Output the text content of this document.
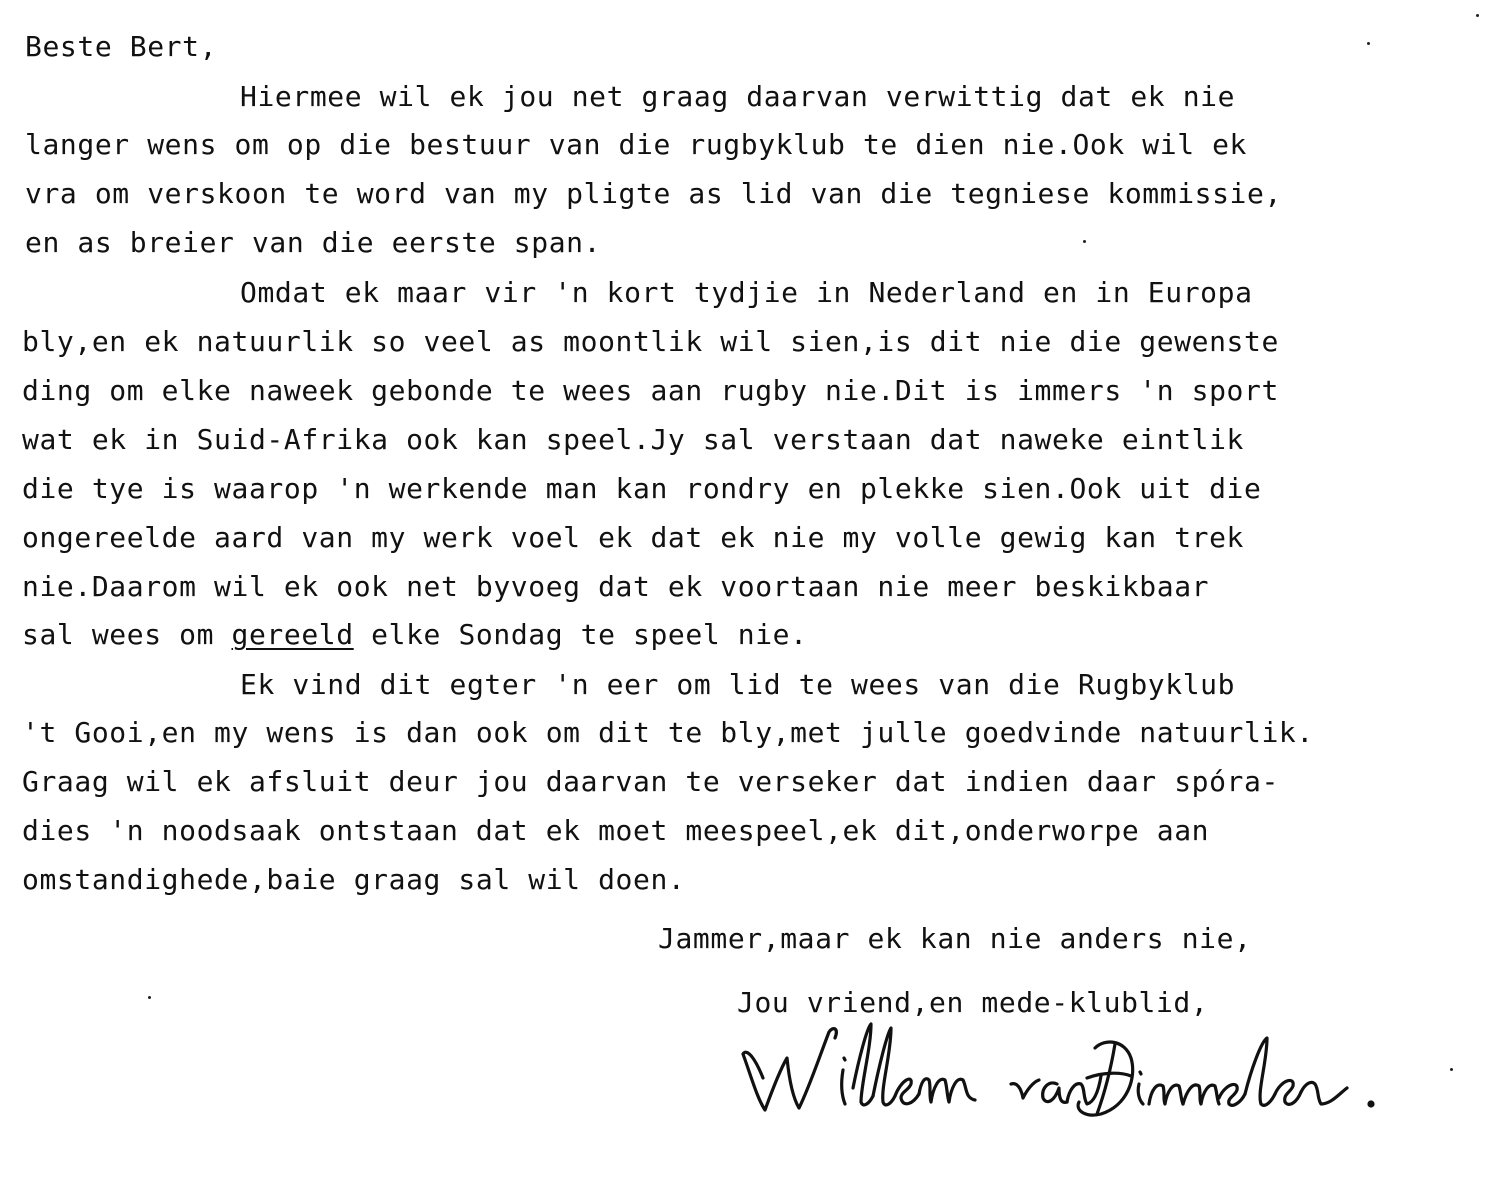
Beste Bert,
Hiermee wil ek jou net graag daarvan verwittig dat ek nie
langer wens om op die bestuur van die rugbyklub te dien nie.Ook wil ek
vra om verskoon te word van my pligte as lid van die tegniese kommissie,
en as breier van die eerste span.
Omdat ek maar vir 'n kort tydjie in Nederland en in Europa
bly,en ek natuurlik so veel as moontlik wil sien,is dit nie die gewenste
ding om elke naweek gebonde te wees aan rugby nie.Dit is immers 'n sport
wat ek in Suid-Afrika ook kan speel.Jy sal verstaan dat naweke eintlik
die tye is waarop 'n werkende man kan rondry en plekke sien.Ook uit die
ongereelde aard van my werk voel ek dat ek nie my volle gewig kan trek
nie.Daarom wil ek ook net byvoeg dat ek voortaan nie meer beskikbaar
sal wees om gereeld elke Sondag te speel nie.
Ek vind dit egter 'n eer om lid te wees van die Rugbyklub
't Gooi,en my wens is dan ook om dit te bly,met julle goedvinde natuurlik.
Graag wil ek afsluit deur jou daarvan te verseker dat indien daar spóra-
dies 'n noodsaak ontstaan dat ek moet meespeel,ek dit,onderworpe aan
omstandighede,baie graag sal wil doen.
Jammer,maar ek kan nie anders nie,
Jou vriend,en mede-klublid,
